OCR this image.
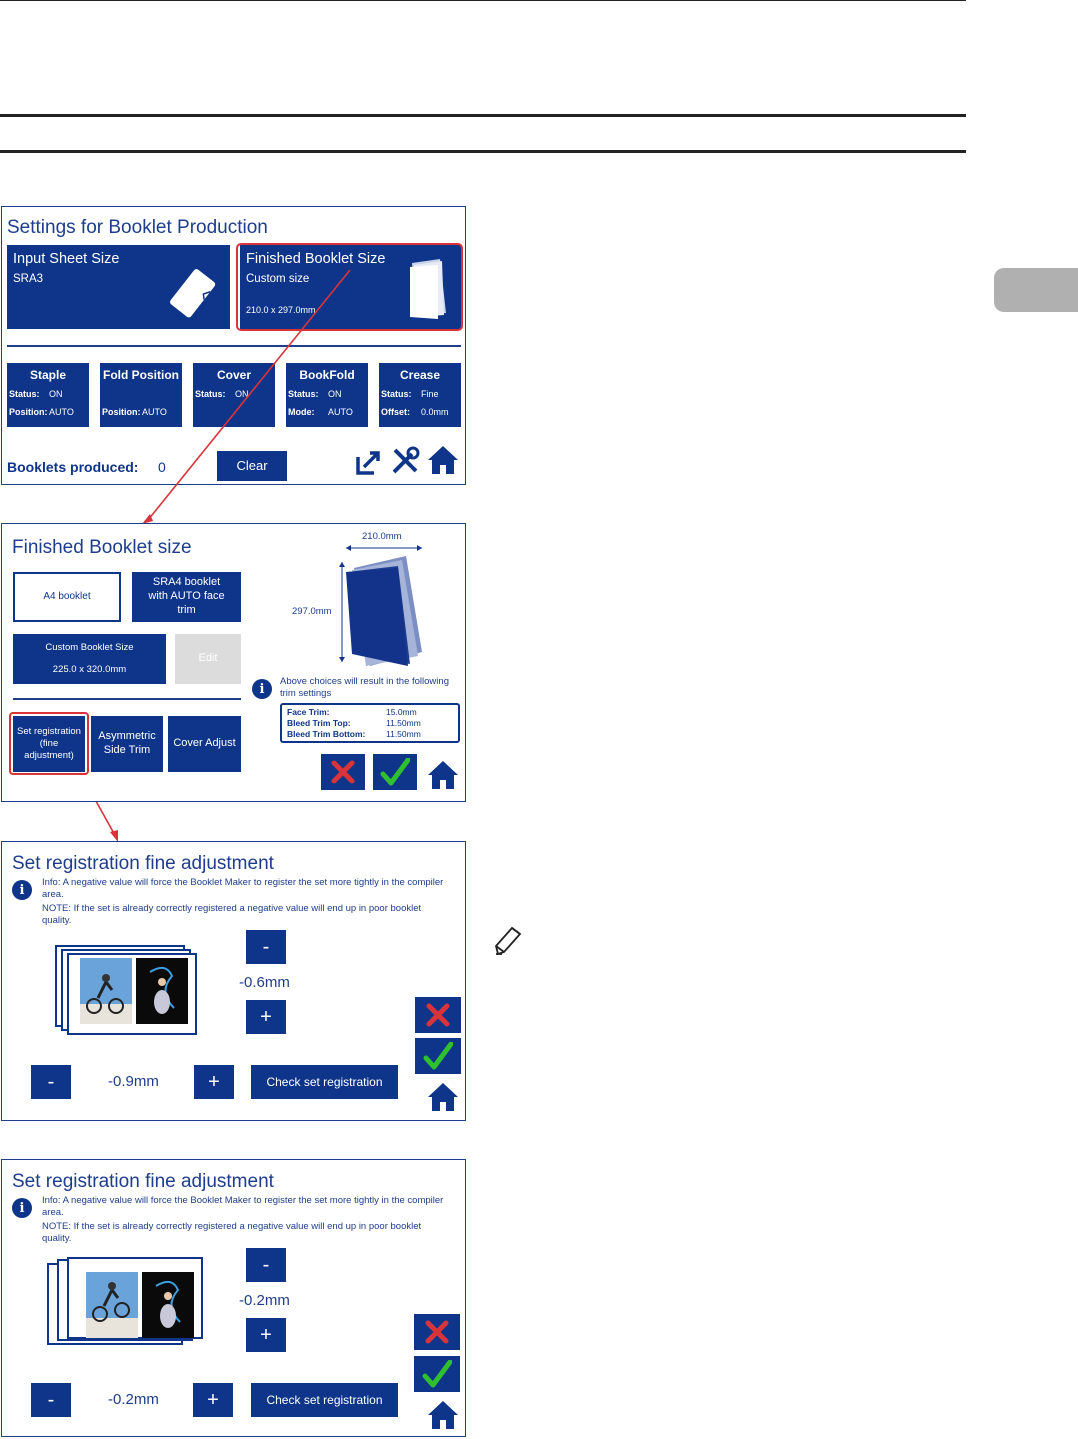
Settings for Booklet Production
Input Sheet Size
SRA3
Finished Booklet Size
Custom size
210.0 x 297.0mm
Staple
Status: ON
Position: AUTO
Fold Position
Position: AUTO
Cover
Status: ON
BookFold
Status: ON
Mode: AUTO
Crease
Status: Fine
Offset: 0.0mm
Booklets produced: 0	Clear
Finished Booklet size
A4 booklet
SRA4 booklet with AUTO face trim
Custom Booklet Size
225.0 x 320.0mm
Edit
Set registration (fine adjustment)
Asymmetric Side Trim
Cover Adjust
210.0mm
297.0mm
i	Above choices will result in the following trim settings
Face Trim:	15.0mm
Bleed Trim Top:	11.50mm
Bleed Trim Bottom: 11.50mm
Set registration fine adjustment
i	Info: A negative value will force the Booklet Maker to register the set more tightly in the compiler area.
NOTE: If the set is already correctly registered a negative value will end up in poor booklet quality.
-
-0.6mm
+
-	-0.9mm	+	Check set registration
Set registration fine adjustment
i	Info: A negative value will force the Booklet Maker to register the set more tightly in the compiler area.
NOTE: If the set is already correctly registered a negative value will end up in poor booklet quality.
-
-0.2mm
+
-	-0.2mm	+	Check set registration
